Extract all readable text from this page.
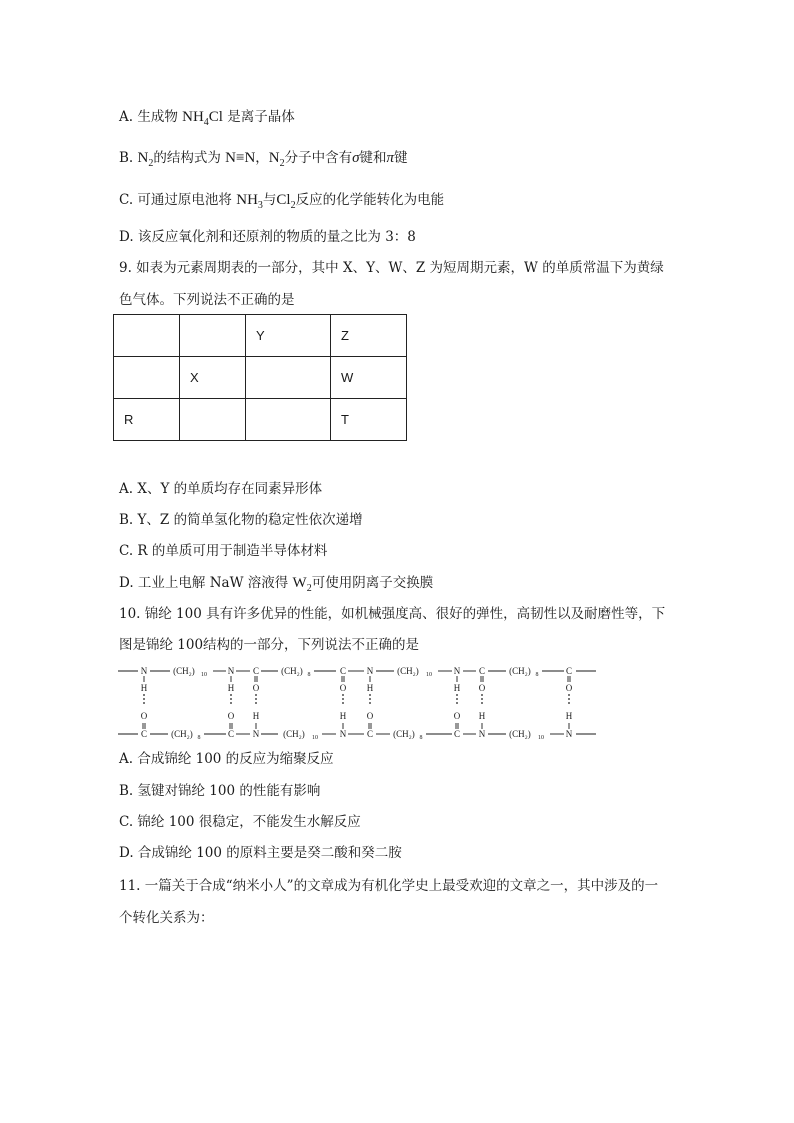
A. 生成物 $NH_4Cl$ 是离子晶体
B. $N_2$的结构式为 N≡N，$N_2$分子中含有σ键和π键
C. 可通过原电池将 $NH_3$与$Cl_2$反应的化学能转化为电能
D. 该反应氧化剂和还原剂的物质的量之比为 3：8
9. 如表为元素周期表的一部分，其中 X、Y、W、Z 为短周期元素，W 的单质常温下为黄绿
色气体。下列说法不正确的是
		Y	Z
	X		W
R			T
A. X、Y 的单质均存在同素异形体
B. Y、Z 的简单氢化物的稳定性依次递增
C. R 的单质可用于制造半导体材料
D. 工业上电解 NaW 溶液得 $W_2$可使用阴离子交换膜
10. 锦纶 100 具有许多优异的性能，如机械强度高、很好的弹性，高韧性以及耐磨性等，下
图是锦纶 100结构的一部分，下列说法不正确的是
N	(CH₂) 10 N C (CH₂) 8	C N	(CH₂) 10 N C	(CH₂) 8	C
H	H O	O H	H O	O
O	O H	H O	O H	H
C	(CH₂) 8	C N	(CH₂) 10 N C (CH₂) 8	C N	(CH₂) 10 N
A. 合成锦纶 100 的反应为缩聚反应
B. 氢键对锦纶 100 的性能有影响
C. 锦纶 100 很稳定，不能发生水解反应
D. 合成锦纶 100 的原料主要是癸二酸和癸二胺
11. 一篇关于合成“纳米小人”的文章成为有机化学史上最受欢迎的文章之一，其中涉及的一
个转化关系为：
